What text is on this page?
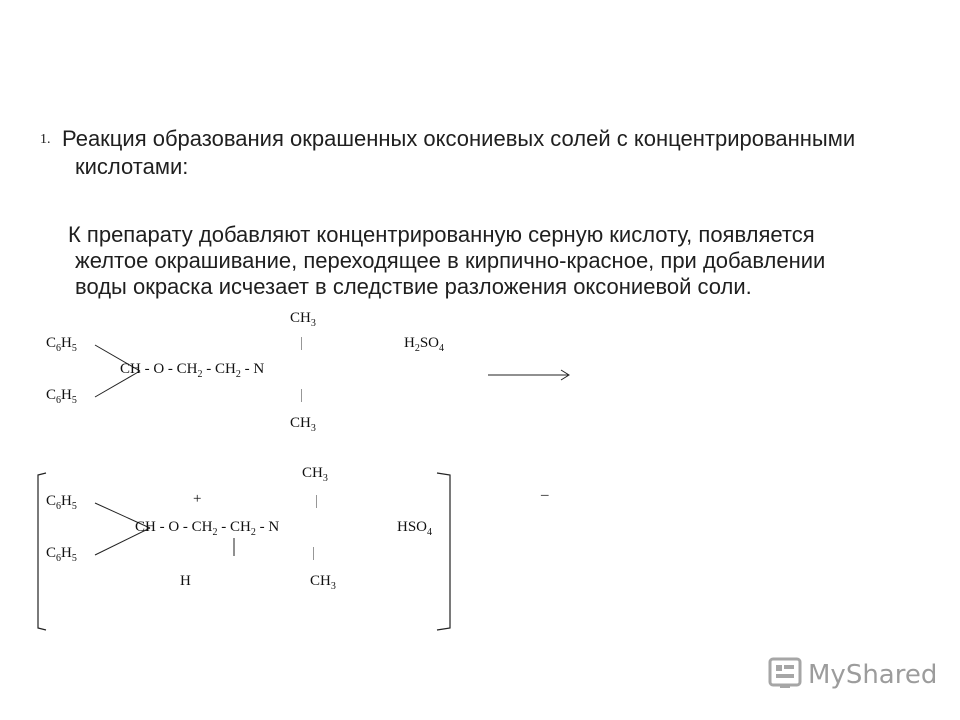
1. Реакция образования окрашенных оксониевых солей с концентрированными
кислотами:
К препарату добавляют концентрированную серную кислоту, появляется
желтое окрашивание, переходящее в кирпично-красное, при добавлении
воды окраска исчезает в следствие разложения оксониевой соли.
$CH_3$
$C_6H_5$	|	$H_2SO_4$
CH - O - $CH_2 - CH_2$ - N
$C_6H_5$	|
$CH_3$
$CH_3$
$C_6H_5$	+	|
_
CH - O - $CH_2 - CH_2$ - N	$HSO_4$
$C_6H_5$	|
H	$CH_3$
MyShared
